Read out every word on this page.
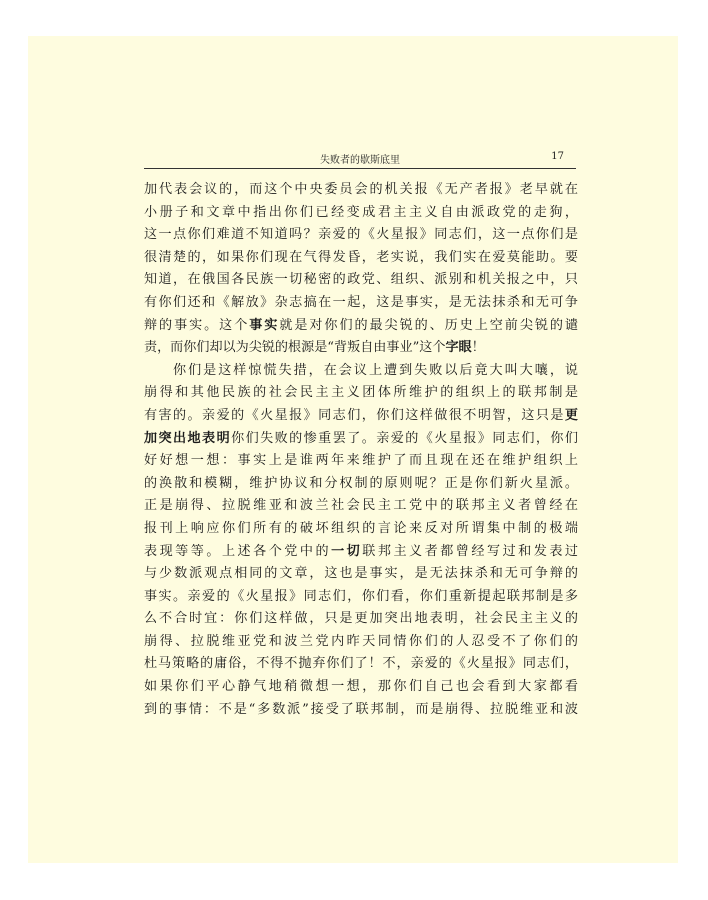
失败者的歇斯底里	17
加代表会议的，而这个中央委员会的机关报《无产者报》老早就在
小册子和文章中指出你们已经变成君主主义自由派政党的走狗，
这一点你们难道不知道吗？亲爱的《火星报》同志们，这一点你们是
很清楚的，如果你们现在气得发昏，老实说，我们实在爱莫能助。要
知道，在俄国各民族一切秘密的政党、组织、派别和机关报之中，只
有你们还和《解放》杂志搞在一起，这是事实，是无法抹杀和无可争
辩的事实。这个事实就是对你们的最尖锐的、历史上空前尖锐的谴
责，而你们却以为尖锐的根源是“背叛自由事业”这个字眼！
你们是这样惊慌失措，在会议上遭到失败以后竟大叫大嚷，说
崩得和其他民族的社会民主主义团体所维护的组织上的联邦制是
有害的。亲爱的《火星报》同志们，你们这样做很不明智，这只是更
加突出地表明你们失败的惨重罢了。亲爱的《火星报》同志们，你们
好好想一想：事实上是谁两年来维护了而且现在还在维护组织上
的涣散和模糊，维护协议和分权制的原则呢？正是你们新火星派。
正是崩得、拉脱维亚和波兰社会民主工党中的联邦主义者曾经在
报刊上响应你们所有的破坏组织的言论来反对所谓集中制的极端
表现等等。上述各个党中的一切联邦主义者都曾经写过和发表过
与少数派观点相同的文章，这也是事实，是无法抹杀和无可争辩的
事实。亲爱的《火星报》同志们，你们看，你们重新提起联邦制是多
么不合时宜：你们这样做，只是更加突出地表明，社会民主主义的
崩得、拉脱维亚党和波兰党内昨天同情你们的人忍受不了你们的
杜马策略的庸俗，不得不抛弃你们了！不，亲爱的《火星报》同志们，
如果你们平心静气地稍微想一想，那你们自己也会看到大家都看
到的事情：不是“多数派”接受了联邦制，而是崩得、拉脱维亚和波
